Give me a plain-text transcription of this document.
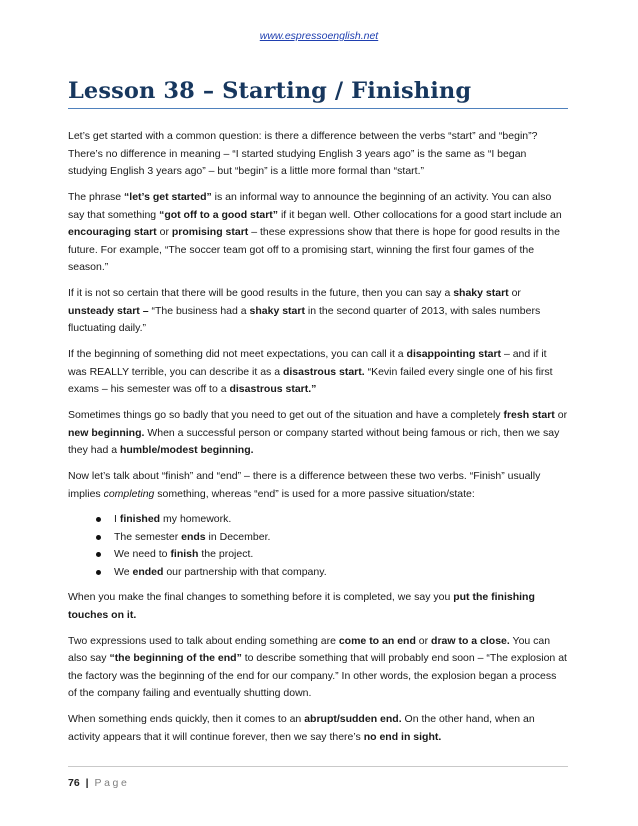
www.espressoenglish.net
Lesson 38 – Starting / Finishing

Let’s get started with a common question: is there a difference between the verbs “start” and “begin”? There’s no difference in meaning – “I started studying English 3 years ago” is the same as “I began studying English 3 years ago” – but “begin” is a little more formal than “start.”

The phrase “let’s get started” is an informal way to announce the beginning of an activity. You can also say that something “got off to a good start” if it began well. Other collocations for a good start include an encouraging start or promising start – these expressions show that there is hope for good results in the future. For example, “The soccer team got off to a promising start, winning the first four games of the season.”

If it is not so certain that there will be good results in the future, then you can say a shaky start or unsteady start – “The business had a shaky start in the second quarter of 2013, with sales numbers fluctuating daily.”

If the beginning of something did not meet expectations, you can call it a disappointing start – and if it was REALLY terrible, you can describe it as a disastrous start. “Kevin failed every single one of his first exams – his semester was off to a disastrous start.”

Sometimes things go so badly that you need to get out of the situation and have a completely fresh start or new beginning. When a successful person or company started without being famous or rich, then we say they had a humble/modest beginning.

Now let’s talk about “finish” and “end” – there is a difference between these two verbs. “Finish” usually implies completing something, whereas “end” is used for a more passive situation/state:

I finished my homework.
The semester ends in December.
We need to finish the project.
We ended our partnership with that company.

When you make the final changes to something before it is completed, we say you put the finishing touches on it.

Two expressions used to talk about ending something are come to an end or draw to a close. You can also say “the beginning of the end” to describe something that will probably end soon – “The explosion at the factory was the beginning of the end for our company.” In other words, the explosion began a process of the company failing and eventually shutting down.

When something ends quickly, then it comes to an abrupt/sudden end. On the other hand, when an activity appears that it will continue forever, then we say there’s no end in sight.

76 | Page
